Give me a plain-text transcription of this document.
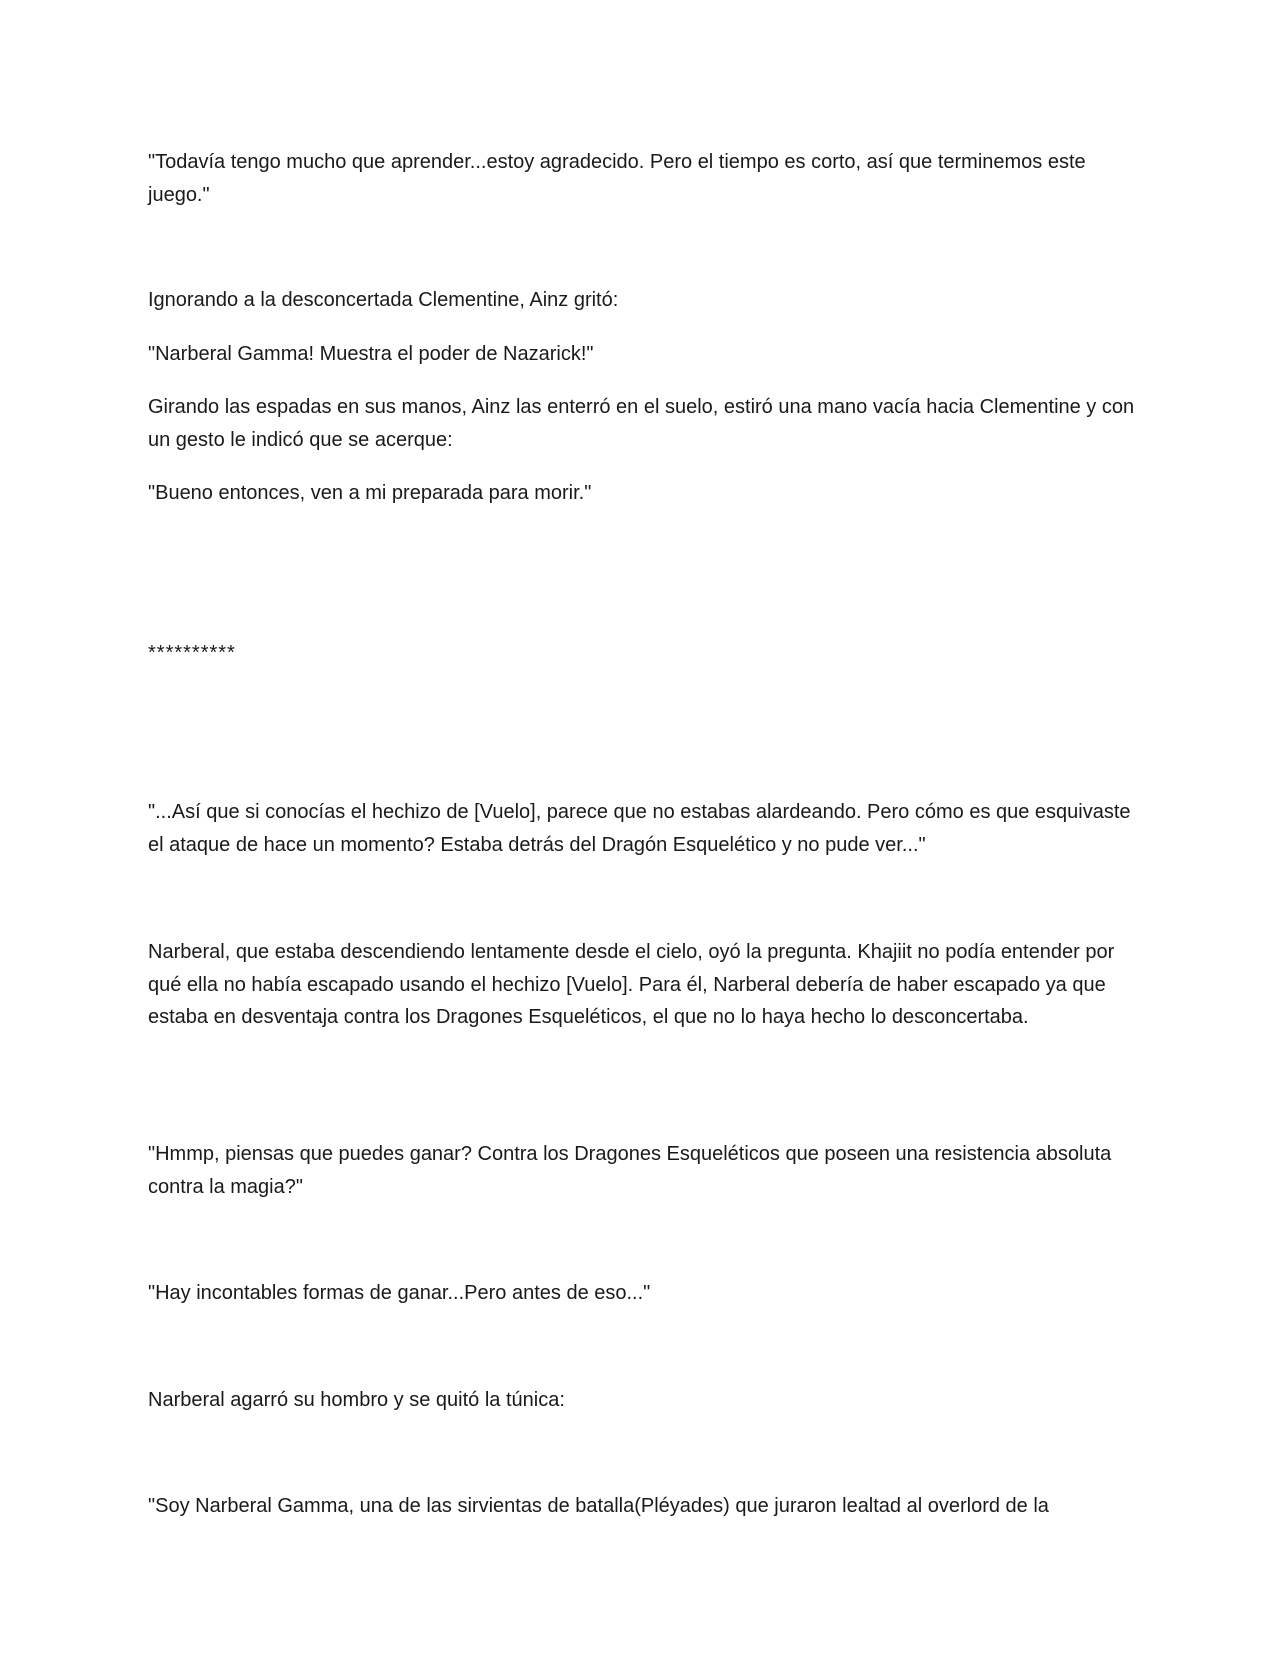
"Todavía tengo mucho que aprender...estoy agradecido. Pero el tiempo es corto, así que terminemos este juego."

Ignorando a la desconcertada Clementine, Ainz gritó:

"Narberal Gamma! Muestra el poder de Nazarick!"

Girando las espadas en sus manos, Ainz las enterró en el suelo, estiró una mano vacía hacia Clementine y con un gesto le indicó que se acerque:

"Bueno entonces, ven a mi preparada para morir."

**********

"...Así que si conocías el hechizo de [Vuelo], parece que no estabas alardeando. Pero cómo es que esquivaste el ataque de hace un momento? Estaba detrás del Dragón Esquelético y no pude ver..."

Narberal, que estaba descendiendo lentamente desde el cielo, oyó la pregunta. Khajiit no podía entender por qué ella no había escapado usando el hechizo [Vuelo]. Para él, Narberal debería de haber escapado ya que estaba en desventaja contra los Dragones Esqueléticos, el que no lo haya hecho lo desconcertaba.

"Hmmp, piensas que puedes ganar? Contra los Dragones Esqueléticos que poseen una resistencia absoluta contra la magia?"

"Hay incontables formas de ganar...Pero antes de eso..."

Narberal agarró su hombro y se quitó la túnica:

"Soy Narberal Gamma, una de las sirvientas de batalla(Pléyades) que juraron lealtad al overlord de la
